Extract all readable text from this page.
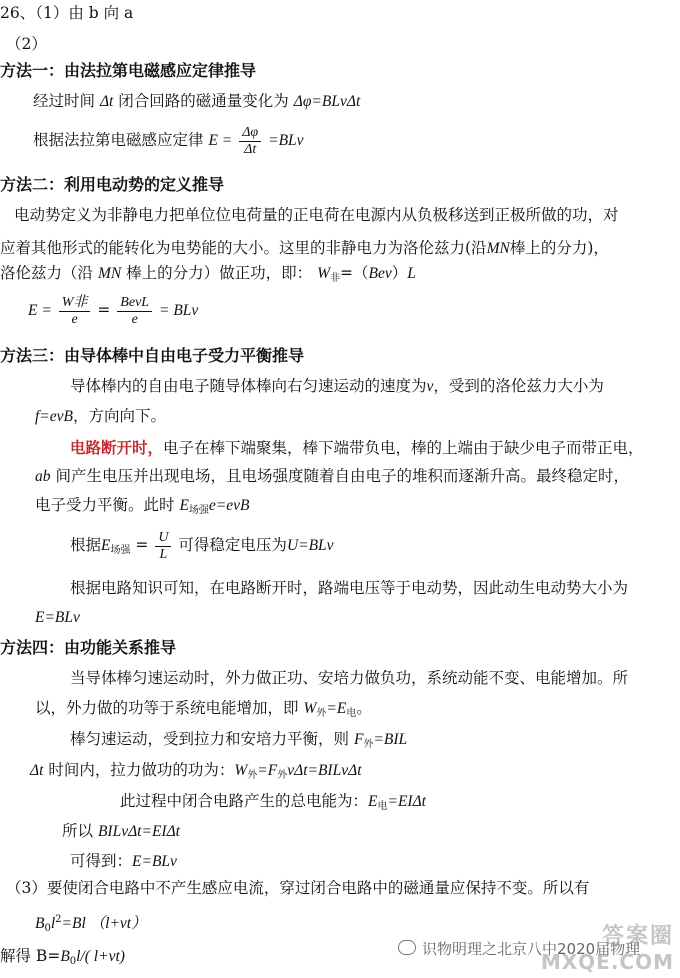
26、（1）由 b 向 a
（2）
方法一：由法拉第电磁感应定律推导
经过时间 Δt 闭合回路的磁通量变化为 Δφ=BLvΔt
根据法拉第电磁感应定律 $E = \frac{\Delta\varphi}{\Delta t} =BLv$
方法二：利用电动势的定义推导
电动势定义为非静电力把单位位电荷量的正电荷在电源内从负极移送到正极所做的功，对
应着其他形式的能转化为电势能的大小。这里的非静电力为洛伦兹力(沿MN棒上的分力)，
洛伦兹力（沿 MN 棒上的分力）做正功，即： $W_非=(Bev)L$
$E = \frac{\text{W非}}{e} = \frac{\text{BevL}}{e}$ = BLv
方法三：由导体棒中自由电子受力平衡推导
导体棒内的自由电子随导体棒向右匀速运动的速度为v，受到的洛伦兹力大小为
f=evB，方向向下。
电路断开时，电子在棒下端聚集，棒下端带负电，棒的上端由于缺少电子而带正电，
ab 间产生电压并出现电场，且电场强度随着自由电子的堆积而逐渐升高。最终稳定时，
电子受力平衡。此时 $E_{场强}e=evB$
根据$E_{场强} = \frac{U}{L}$ 可得稳定电压为U=BLv
根据电路知识可知，在电路断开时，路端电压等于电动势，因此动生电动势大小为
E=BLv
方法四：由功能关系推导
当导体棒匀速运动时，外力做正功、安培力做负功，系统动能不变、电能增加。所
以，外力做的功等于系统电能增加，即 $W_外=E_电$。
棒匀速运动，受到拉力和安培力平衡，则 $F_外=BIL$
Δt 时间内，拉力做功的功为：$W_外=F_外v\Delta t=BILv\Delta t$
此过程中闭合电路产生的总电能为：$E_电=EI\Delta t$
所以 BILvΔt=EIΔt
可得到：E=BLv
（3）要使闭合电路中不产生感应电流，穿过闭合电路中的磁通量应保持不变。所以有
$B_0l^2=Bl$ （l+vt）
解得 $B=B_0l/$( l+vt)	识物明理之北京八中2020届物理
答案圈
MXQE.COM
